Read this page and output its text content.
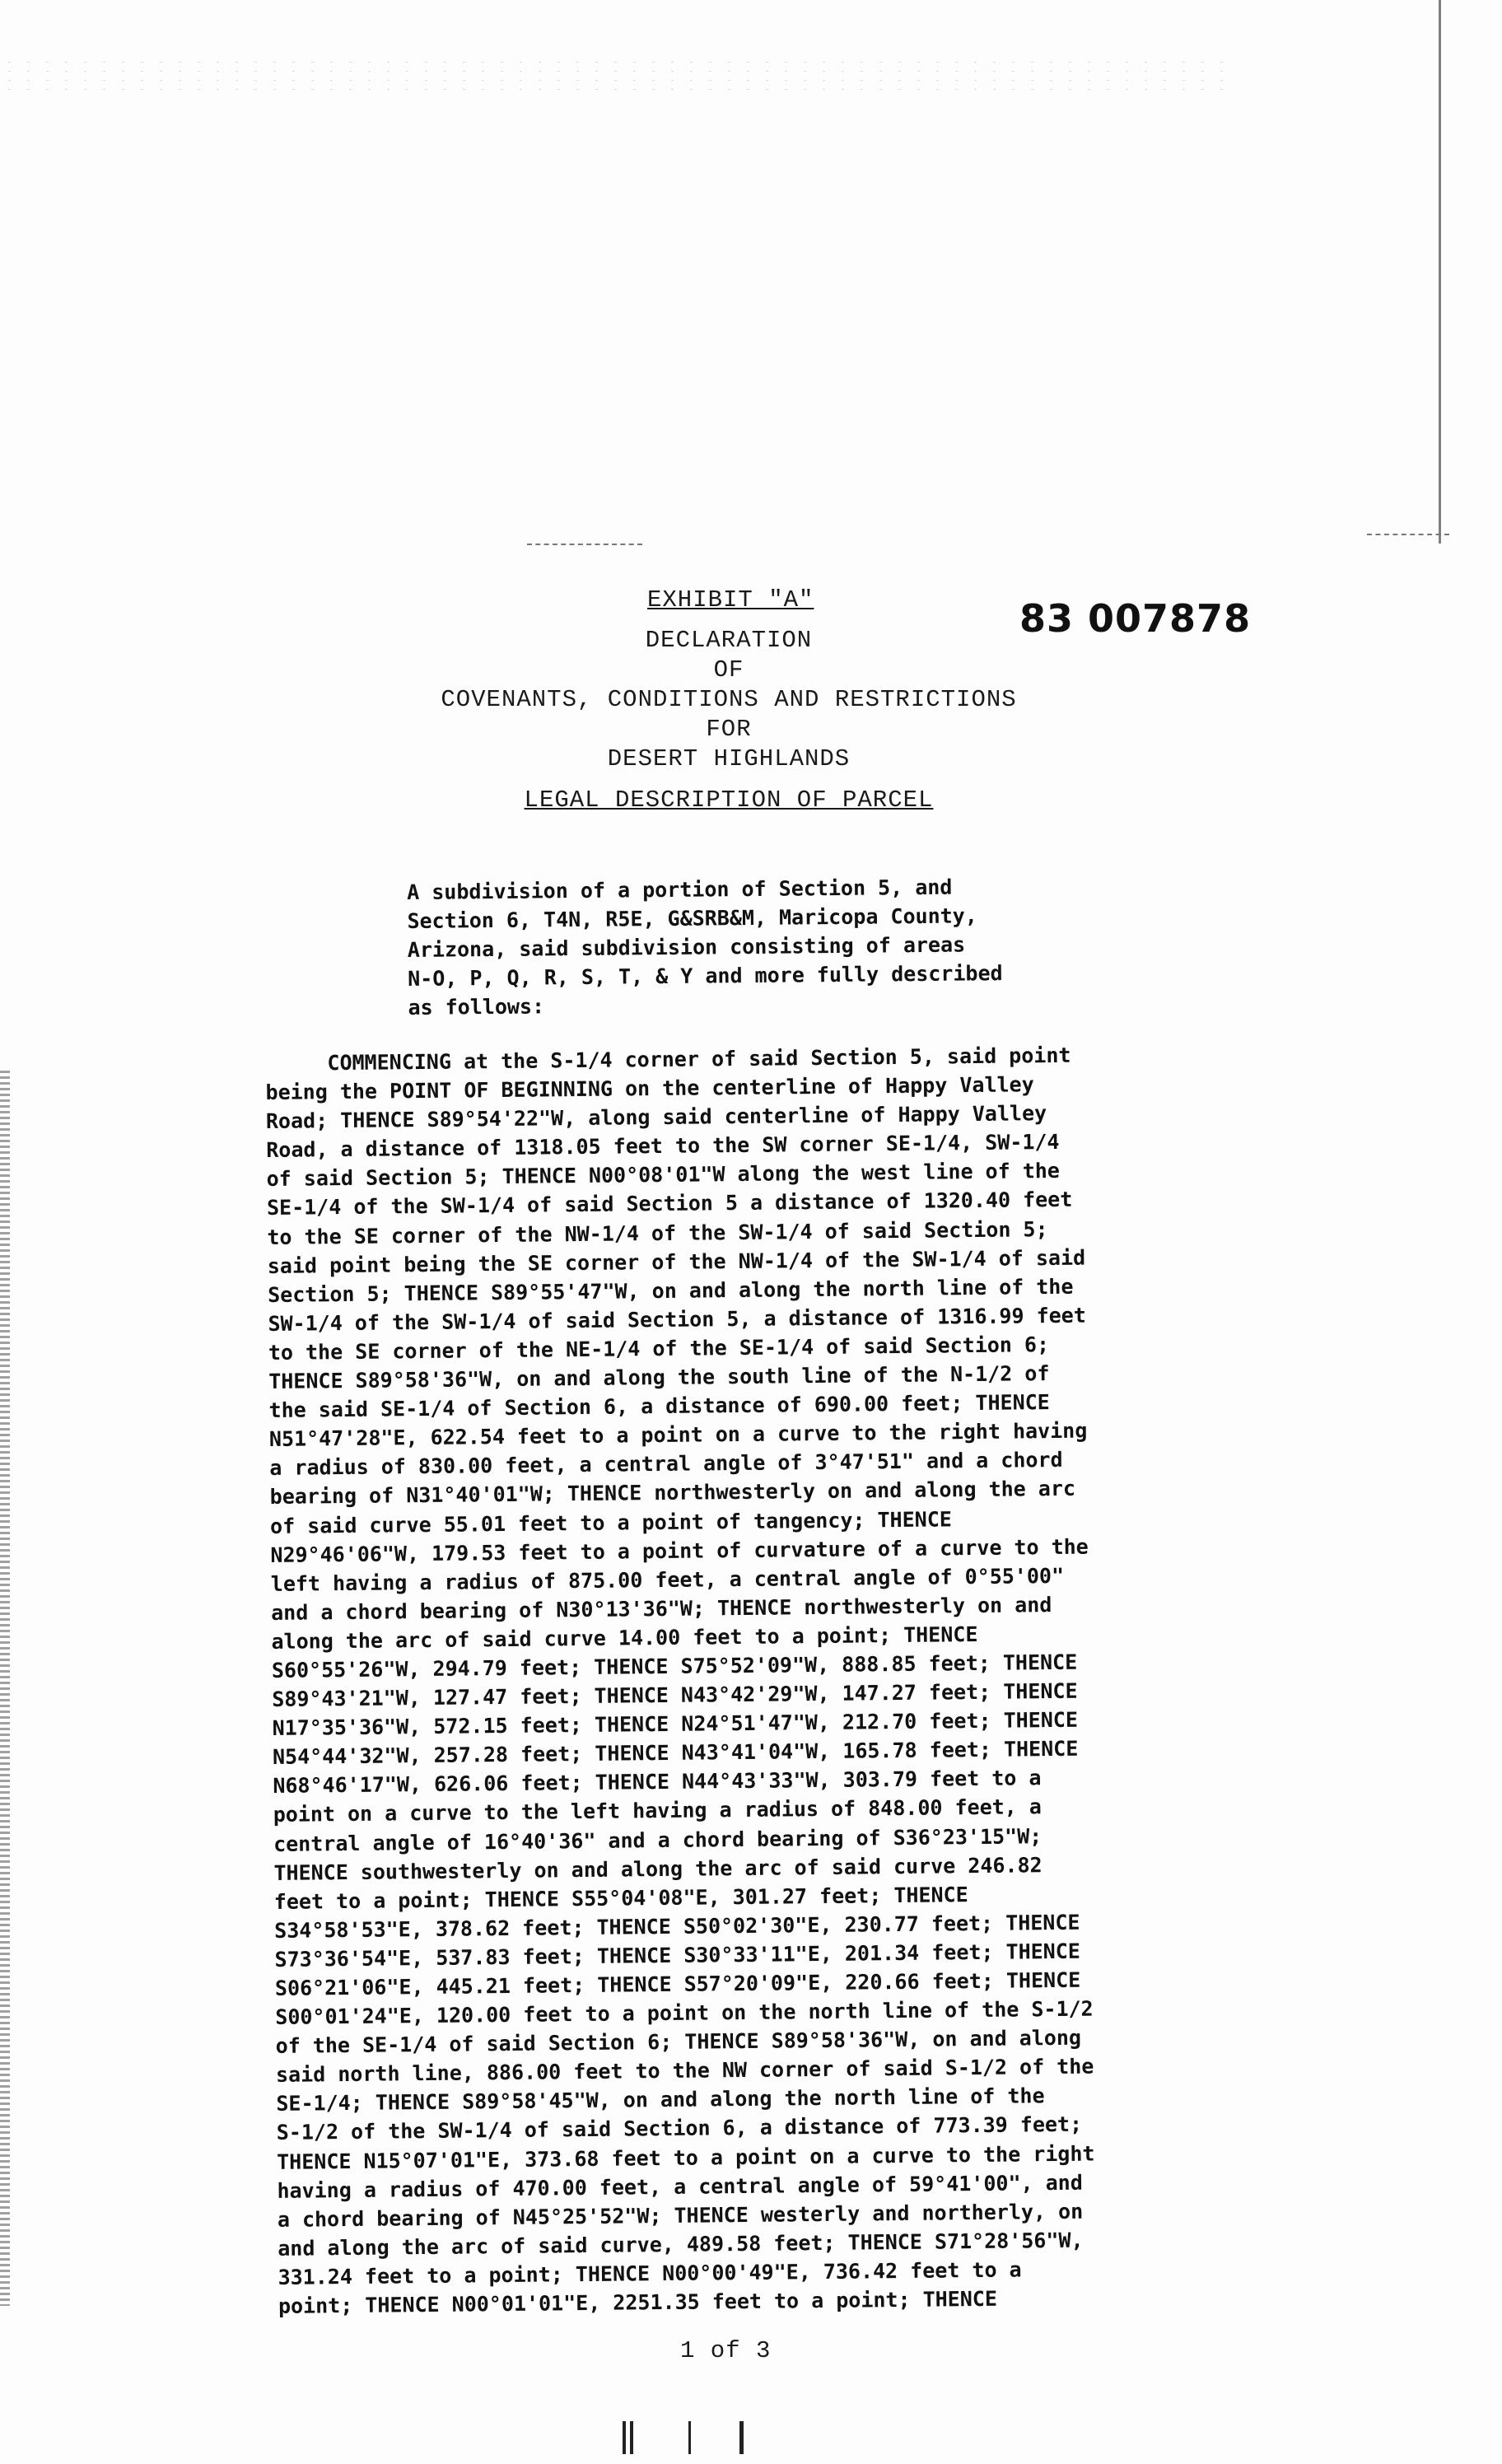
EXHIBIT "A"	83 007878
DECLARATION
OF
COVENANTS, CONDITIONS AND RESTRICTIONS
FOR
DESERT HIGHLANDS
LEGAL DESCRIPTION OF PARCEL
A subdivision of a portion of Section 5, and
Section 6, T4N, R5E, G&SRB&M, Maricopa County,
Arizona, said subdivision consisting of areas
N-O, P, Q, R, S, T, & Y and more fully described
as follows:
COMMENCING at the S-1/4 corner of said Section 5, said point
being the POINT OF BEGINNING on the centerline of Happy Valley
Road; THENCE S89°54'22"W, along said centerline of Happy Valley
Road, a distance of 1318.05 feet to the SW corner SE-1/4, SW-1/4
of said Section 5; THENCE N00°08'01"W along the west line of the
SE-1/4 of the SW-1/4 of said Section 5 a distance of 1320.40 feet
to the SE corner of the NW-1/4 of the SW-1/4 of said Section 5;
said point being the SE corner of the NW-1/4 of the SW-1/4 of said
Section 5; THENCE S89°55'47"W, on and along the north line of the
SW-1/4 of the SW-1/4 of said Section 5, a distance of 1316.99 feet
to the SE corner of the NE-1/4 of the SE-1/4 of said Section 6;
THENCE S89°58'36"W, on and along the south line of the N-1/2 of
the said SE-1/4 of Section 6, a distance of 690.00 feet; THENCE
N51°47'28"E, 622.54 feet to a point on a curve to the right having
a radius of 830.00 feet, a central angle of 3°47'51" and a chord
bearing of N31°40'01"W; THENCE northwesterly on and along the arc
of said curve 55.01 feet to a point of tangency; THENCE
N29°46'06"W, 179.53 feet to a point of curvature of a curve to the
left having a radius of 875.00 feet, a central angle of 0°55'00"
and a chord bearing of N30°13'36"W; THENCE northwesterly on and
along the arc of said curve 14.00 feet to a point; THENCE
S60°55'26"W, 294.79 feet; THENCE S75°52'09"W, 888.85 feet; THENCE
S89°43'21"W, 127.47 feet; THENCE N43°42'29"W, 147.27 feet; THENCE
N17°35'36"W, 572.15 feet; THENCE N24°51'47"W, 212.70 feet; THENCE
N54°44'32"W, 257.28 feet; THENCE N43°41'04"W, 165.78 feet; THENCE
N68°46'17"W, 626.06 feet; THENCE N44°43'33"W, 303.79 feet to a
point on a curve to the left having a radius of 848.00 feet, a
central angle of 16°40'36" and a chord bearing of S36°23'15"W;
THENCE southwesterly on and along the arc of said curve 246.82
feet to a point; THENCE S55°04'08"E, 301.27 feet; THENCE
S34°58'53"E, 378.62 feet; THENCE S50°02'30"E, 230.77 feet; THENCE
S73°36'54"E, 537.83 feet; THENCE S30°33'11"E, 201.34 feet; THENCE
S06°21'06"E, 445.21 feet; THENCE S57°20'09"E, 220.66 feet; THENCE
S00°01'24"E, 120.00 feet to a point on the north line of the S-1/2
of the SE-1/4 of said Section 6; THENCE S89°58'36"W, on and along
said north line, 886.00 feet to the NW corner of said S-1/2 of the
SE-1/4; THENCE S89°58'45"W, on and along the north line of the
S-1/2 of the SW-1/4 of said Section 6, a distance of 773.39 feet;
THENCE N15°07'01"E, 373.68 feet to a point on a curve to the right
having a radius of 470.00 feet, a central angle of 59°41'00", and
a chord bearing of N45°25'52"W; THENCE westerly and northerly, on
and along the arc of said curve, 489.58 feet; THENCE S71°28'56"W,
331.24 feet to a point; THENCE N00°00'49"E, 736.42 feet to a
point; THENCE N00°01'01"E, 2251.35 feet to a point; THENCE
1 of 3
